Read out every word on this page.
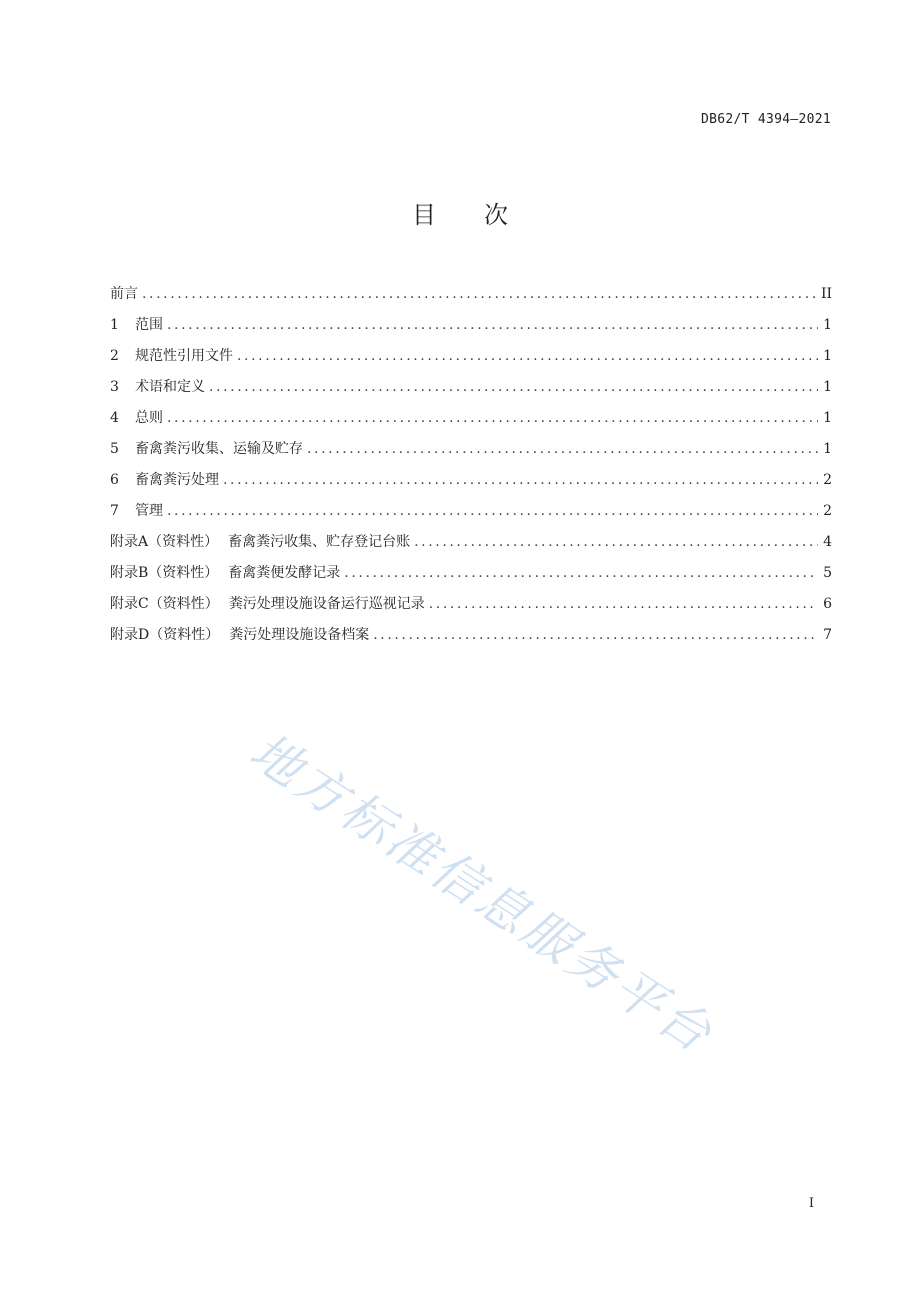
DB62/T 4394—2021
目　　次
前言 .....	II
1	范围 .....	1
2	规范性引用文件 .....	1
3	术语和定义 .....	1
4	总则 .....	1
5	畜禽粪污收集、运输及贮存 .....	1
6	畜禽粪污处理 .....	2
7	管理 .....	2
附录A（资料性） 畜禽粪污收集、贮存登记台账 .....	4
附录B（资料性） 畜禽粪便发酵记录 .....	5
附录C（资料性） 粪污处理设施设备运行巡视记录 .....	6
附录D（资料性） 粪污处理设施设备档案 .....	7
地方标准信息服务平台
I
